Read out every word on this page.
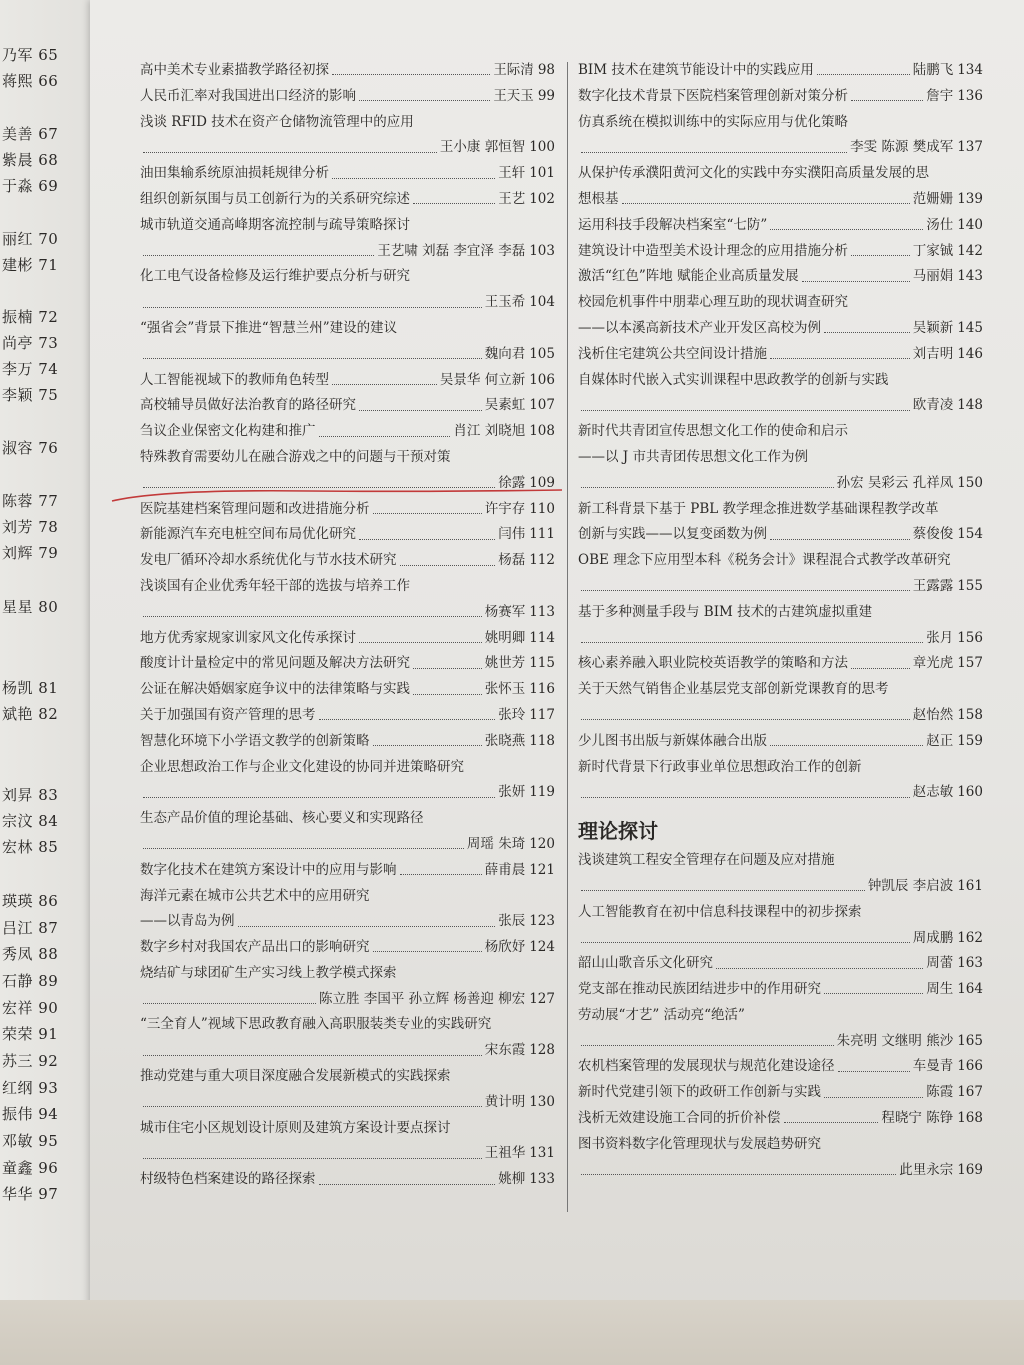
乃军 65
蒋熙 66
美善 67
紫晨 68
于淼 69
丽红 70
建彬 71
振楠 72
尚亭 73
李万 74
李颖 75
淑容 76
陈蓉 77
刘芳 78
刘辉 79
星星 80
杨凯 81
斌艳 82
刘昇 83
宗汶 84
宏林 85
瑛瑛 86
吕江 87
秀凤 88
石静 89
宏祥 90
荣荣 91
苏三 92
红纲 93
振伟 94
邓敏 95
童鑫 96
华华 97
高中美术专业素描教学路径初探	王际清 98
人民币汇率对我国进出口经济的影响	王天玉 99
浅谈 RFID 技术在资产仓储物流管理中的应用
王小康 郭恒智 100
油田集输系统原油损耗规律分析	王轩 101
组织创新氛围与员工创新行为的关系研究综述	王艺 102
城市轨道交通高峰期客流控制与疏导策略探讨
王艺啸 刘磊 李宜泽 李磊 103
化工电气设备检修及运行维护要点分析与研究
王玉希 104
“强省会”背景下推进“智慧兰州”建设的建议
魏向君 105
人工智能视域下的教师角色转型	吴景华 何立新 106
高校辅导员做好法治教育的路径研究	吴素虹 107
刍议企业保密文化构建和推广	肖江 刘晓旭 108
特殊教育需要幼儿在融合游戏之中的问题与干预对策
徐露 109
医院基建档案管理问题和改进措施分析	许宇存 110
新能源汽车充电桩空间布局优化研究	闫伟 111
发电厂循环冷却水系统优化与节水技术研究	杨磊 112
浅谈国有企业优秀年轻干部的选拔与培养工作
杨赛军 113
地方优秀家规家训家风文化传承探讨	姚明卿 114
酸度计计量检定中的常见问题及解决方法研究	姚世芳 115
公证在解决婚姻家庭争议中的法律策略与实践	张怀玉 116
关于加强国有资产管理的思考	张玲 117
智慧化环境下小学语文教学的创新策略	张晓燕 118
企业思想政治工作与企业文化建设的协同并进策略研究
张妍 119
生态产品价值的理论基础、核心要义和实现路径
周瑶 朱琦 120
数字化技术在建筑方案设计中的应用与影响	薛甫晨 121
海洋元素在城市公共艺术中的应用研究
——以青岛为例	张辰 123
数字乡村对我国农产品出口的影响研究	杨欣妤 124
烧结矿与球团矿生产实习线上教学模式探索
陈立胜 李国平 孙立辉 杨善迎 柳宏 127
“三全育人”视域下思政教育融入高职服装类专业的实践研究
宋东霞 128
推动党建与重大项目深度融合发展新模式的实践探索
黄计明 130
城市住宅小区规划设计原则及建筑方案设计要点探讨
王祖华 131
村级特色档案建设的路径探索	姚柳 133
BIM 技术在建筑节能设计中的实践应用	陆鹏飞 134
数字化技术背景下医院档案管理创新对策分析	詹宇 136
仿真系统在模拟训练中的实际应用与优化策略
李雯 陈源 樊成军 137
从保护传承濮阳黄河文化的实践中夯实濮阳高质量发展的思
想根基	范姗姗 139
运用科技手段解决档案室“七防”	汤仕 140
建筑设计中造型美术设计理念的应用措施分析	丁家铖 142
激活“红色”阵地 赋能企业高质量发展	马丽娟 143
校园危机事件中朋辈心理互助的现状调查研究
——以本溪高新技术产业开发区高校为例	吴颖新 145
浅析住宅建筑公共空间设计措施	刘吉明 146
自媒体时代嵌入式实训课程中思政教学的创新与实践
欧青凌 148
新时代共青团宣传思想文化工作的使命和启示
——以 J 市共青团传思想文化工作为例
孙宏 吴彩云 孔祥凤 150
新工科背景下基于 PBL 教学理念推进数学基础课程教学改革
创新与实践——以复变函数为例	蔡俊俊 154
OBE 理念下应用型本科《税务会计》课程混合式教学改革研究
王露露 155
基于多种测量手段与 BIM 技术的古建筑虚拟重建
张月 156
核心素养融入职业院校英语教学的策略和方法	章光虎 157
关于天然气销售企业基层党支部创新党课教育的思考
赵怡然 158
少儿图书出版与新媒体融合出版	赵正 159
新时代背景下行政事业单位思想政治工作的创新
赵志敏 160
理论探讨
浅谈建筑工程安全管理存在问题及应对措施
钟凯辰 李启波 161
人工智能教育在初中信息科技课程中的初步探索
周成鹏 162
韶山山歌音乐文化研究	周蕾 163
党支部在推动民族团结进步中的作用研究	周生 164
劳动展“才艺” 活动亮“绝活”
朱亮明 文继明 熊沙 165
农机档案管理的发展现状与规范化建设途径	车曼青 166
新时代党建引领下的政研工作创新与实践	陈霞 167
浅析无效建设施工合同的折价补偿	程晓宁 陈铮 168
图书资料数字化管理现状与发展趋势研究
此里永宗 169
